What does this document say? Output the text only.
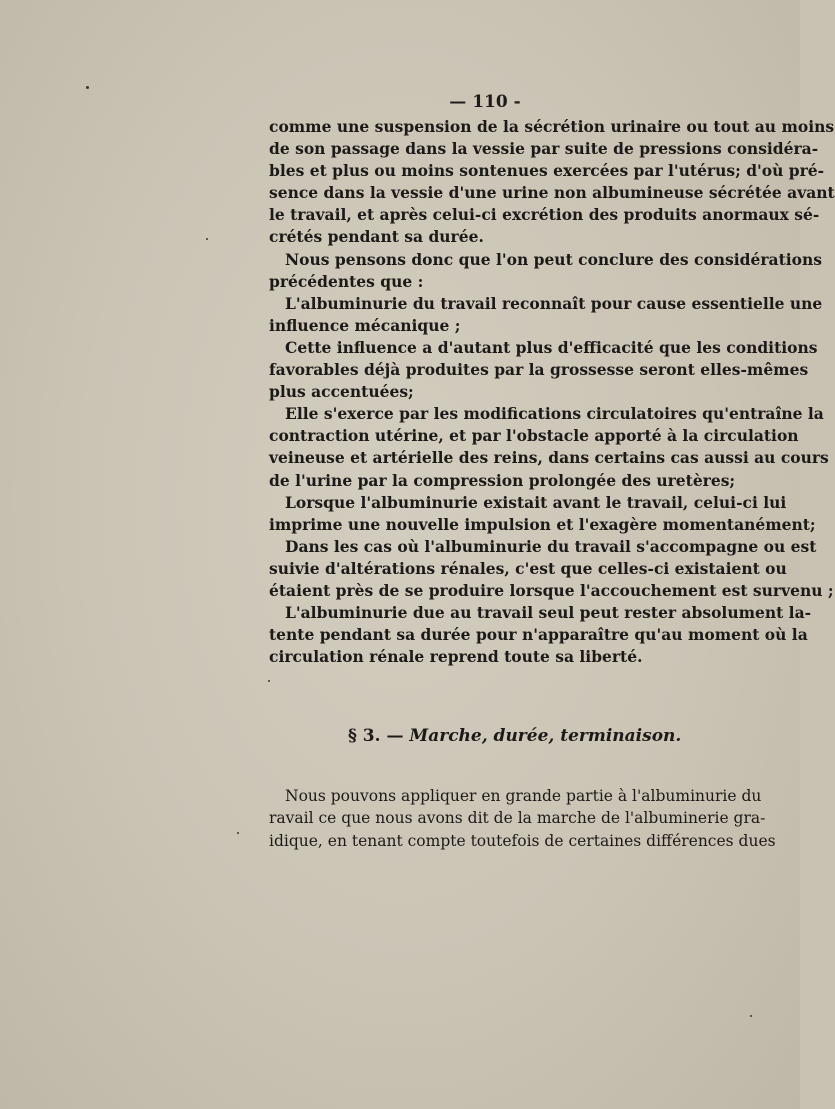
— 110 -
comme une suspension de la sécrétion urinaire ou tout au moins
de son passage dans la vessie par suite de pressions considéra-
bles et plus ou moins sontenues exercées par l'utérus; d'où pré-
sence dans la vessie d'une urine non albumineuse sécrétée avant
le travail, et après celui-ci excrétion des produits anormaux sé-
crétés pendant sa durée.
Nous pensons donc que l'on peut conclure des considérations
précédentes que :
L'albuminurie du travail reconnaît pour cause essentielle une
influence mécanique ;
Cette influence a d'autant plus d'efficacité que les conditions
favorables déjà produites par la grossesse seront elles-mêmes
plus accentuées;
Elle s'exerce par les modifications circulatoires qu'entraîne la
contraction utérine, et par l'obstacle apporté à la circulation
veineuse et artérielle des reins, dans certains cas aussi au cours
de l'urine par la compression prolongée des uretères;
Lorsque l'albuminurie existait avant le travail, celui-ci lui
imprime une nouvelle impulsion et l'exagère momentanément;
Dans les cas où l'albuminurie du travail s'accompagne ou est
suivie d'altérations rénales, c'est que celles-ci existaient ou
étaient près de se produire lorsque l'accouchement est survenu ;
L'albuminurie due au travail seul peut rester absolument la-
tente pendant sa durée pour n'apparaître qu'au moment où la
circulation rénale reprend toute sa liberté.
§ 3. — Marche, durée, terminaison.
Nous pouvons appliquer en grande partie à l'albuminurie du
ravail ce que nous avons dit de la marche de l'albuminerie gra-
idique, en tenant compte toutefois de certaines différences dues
